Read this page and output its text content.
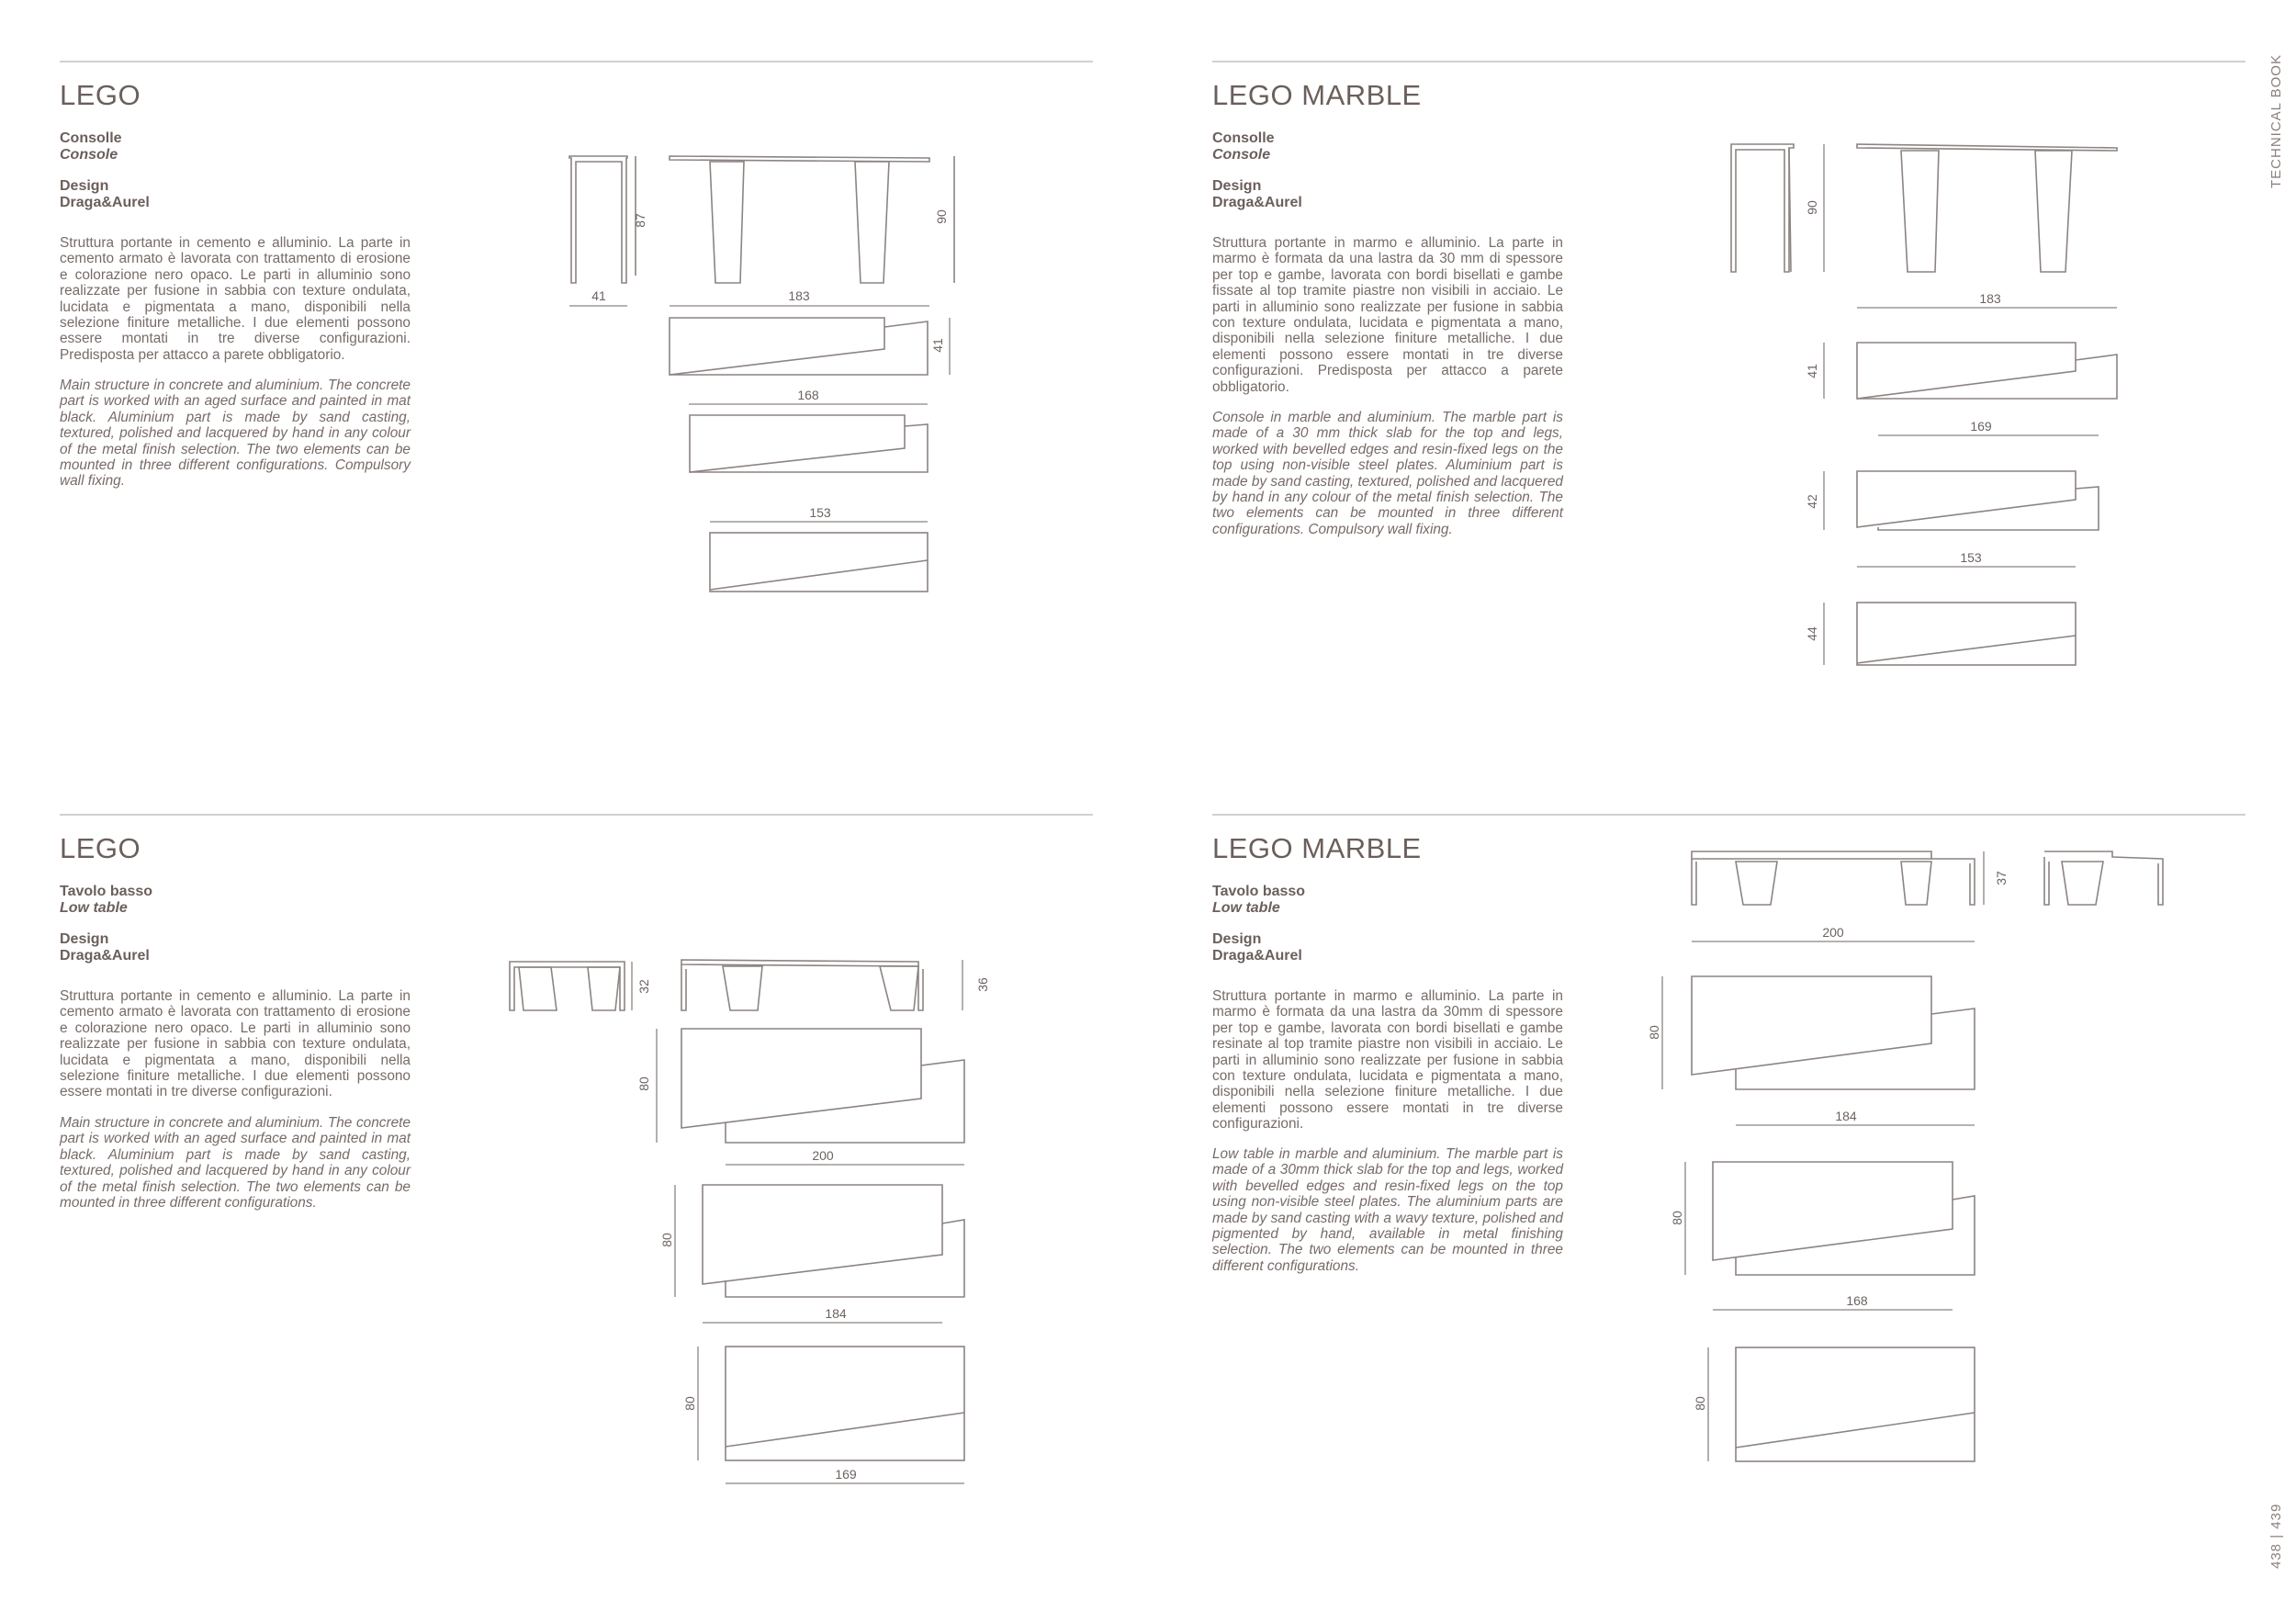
LEGO
Consolle
Console
Design
Draga&Aurel

Struttura portante in cemento e alluminio. La parte in cemento armato è lavorata con trattamento di erosione e colorazione nero opaco. Le parti in alluminio sono realizzate per fusione in sabbia con texture ondulata, lucidata e pigmentata a mano, disponibili nella selezione finiture metalliche. I due elementi possono essere montati in tre diverse configurazioni. Predisposta per attacco a parete obbligatorio.

Main structure in concrete and aluminium. The concrete part is worked with an aged surface and painted in mat black. Aluminium part is made by sand casting, textured, polished and lacquered by hand in any colour of the metal finish selection. The two elements can be mounted in three different configurations. Compulsory wall fixing.

LEGO MARBLE
Consolle
Console
Design
Draga&Aurel

Struttura portante in marmo e alluminio. La parte in marmo è formata da una lastra da 30 mm di spessore per top e gambe, lavorata con bordi bisellati e gambe fissate al top tramite piastre non visibili in acciaio. Le parti in alluminio sono realizzate per fusione in sabbia con texture ondulata, lucidata e pigmentata a mano, disponibili nella selezione finiture metalliche. I due elementi possono essere montati in tre diverse configurazioni. Predisposta per attacco a parete obbligatorio.

Console in marble and aluminium. The marble part is made of a 30 mm thick slab for the top and legs, worked with bevelled edges and resin-fixed legs on the top using non-visible steel plates. Aluminium part is made by sand casting, textured, polished and lacquered by hand in any colour of the metal finish selection. The two elements can be mounted in three different configurations. Compulsory wall fixing.

LEGO
Tavolo basso
Low table
Design
Draga&Aurel

Struttura portante in cemento e alluminio. La parte in cemento armato è lavorata con trattamento di erosione e colorazione nero opaco. Le parti in alluminio sono realizzate per fusione in sabbia con texture ondulata, lucidata e pigmentata a mano, disponibili nella selezione finiture metalliche. I due elementi possono essere montati in tre diverse configurazioni.

Main structure in concrete and aluminium. The concrete part is worked with an aged surface and painted in mat black. Aluminium part is made by sand casting, textured, polished and lacquered by hand in any colour of the metal finish selection. The two elements can be mounted in three different configurations.

LEGO MARBLE
Tavolo basso
Low table
Design
Draga&Aurel

Struttura portante in marmo e alluminio. La parte in marmo è formata da una lastra da 30mm di spessore per top e gambe, lavorata con bordi bisellati e gambe resinate al top tramite piastre non visibili in acciaio. Le parti in alluminio sono realizzate per fusione in sabbia con texture ondulata, lucidata e pigmentata a mano, disponibili nella selezione finiture metalliche. I due elementi possono essere montati in tre diverse configurazioni.

Low table in marble and aluminium. The marble part is made of a 30mm thick slab for the top and legs, worked with bevelled edges and resin-fixed legs on the top using non-visible steel plates. The aluminium parts are made by sand casting with a wavy texture, polished and pigmented by hand, available in metal finishing selection. The two elements can be mounted in three different configurations.

TECHNICAL BOOK
438 | 439
41
87
183
90
41
168
153
90
183
41
169
42
153
44
32	36
80
200
80
184
80
169
37
200
80
184
80
168
80
